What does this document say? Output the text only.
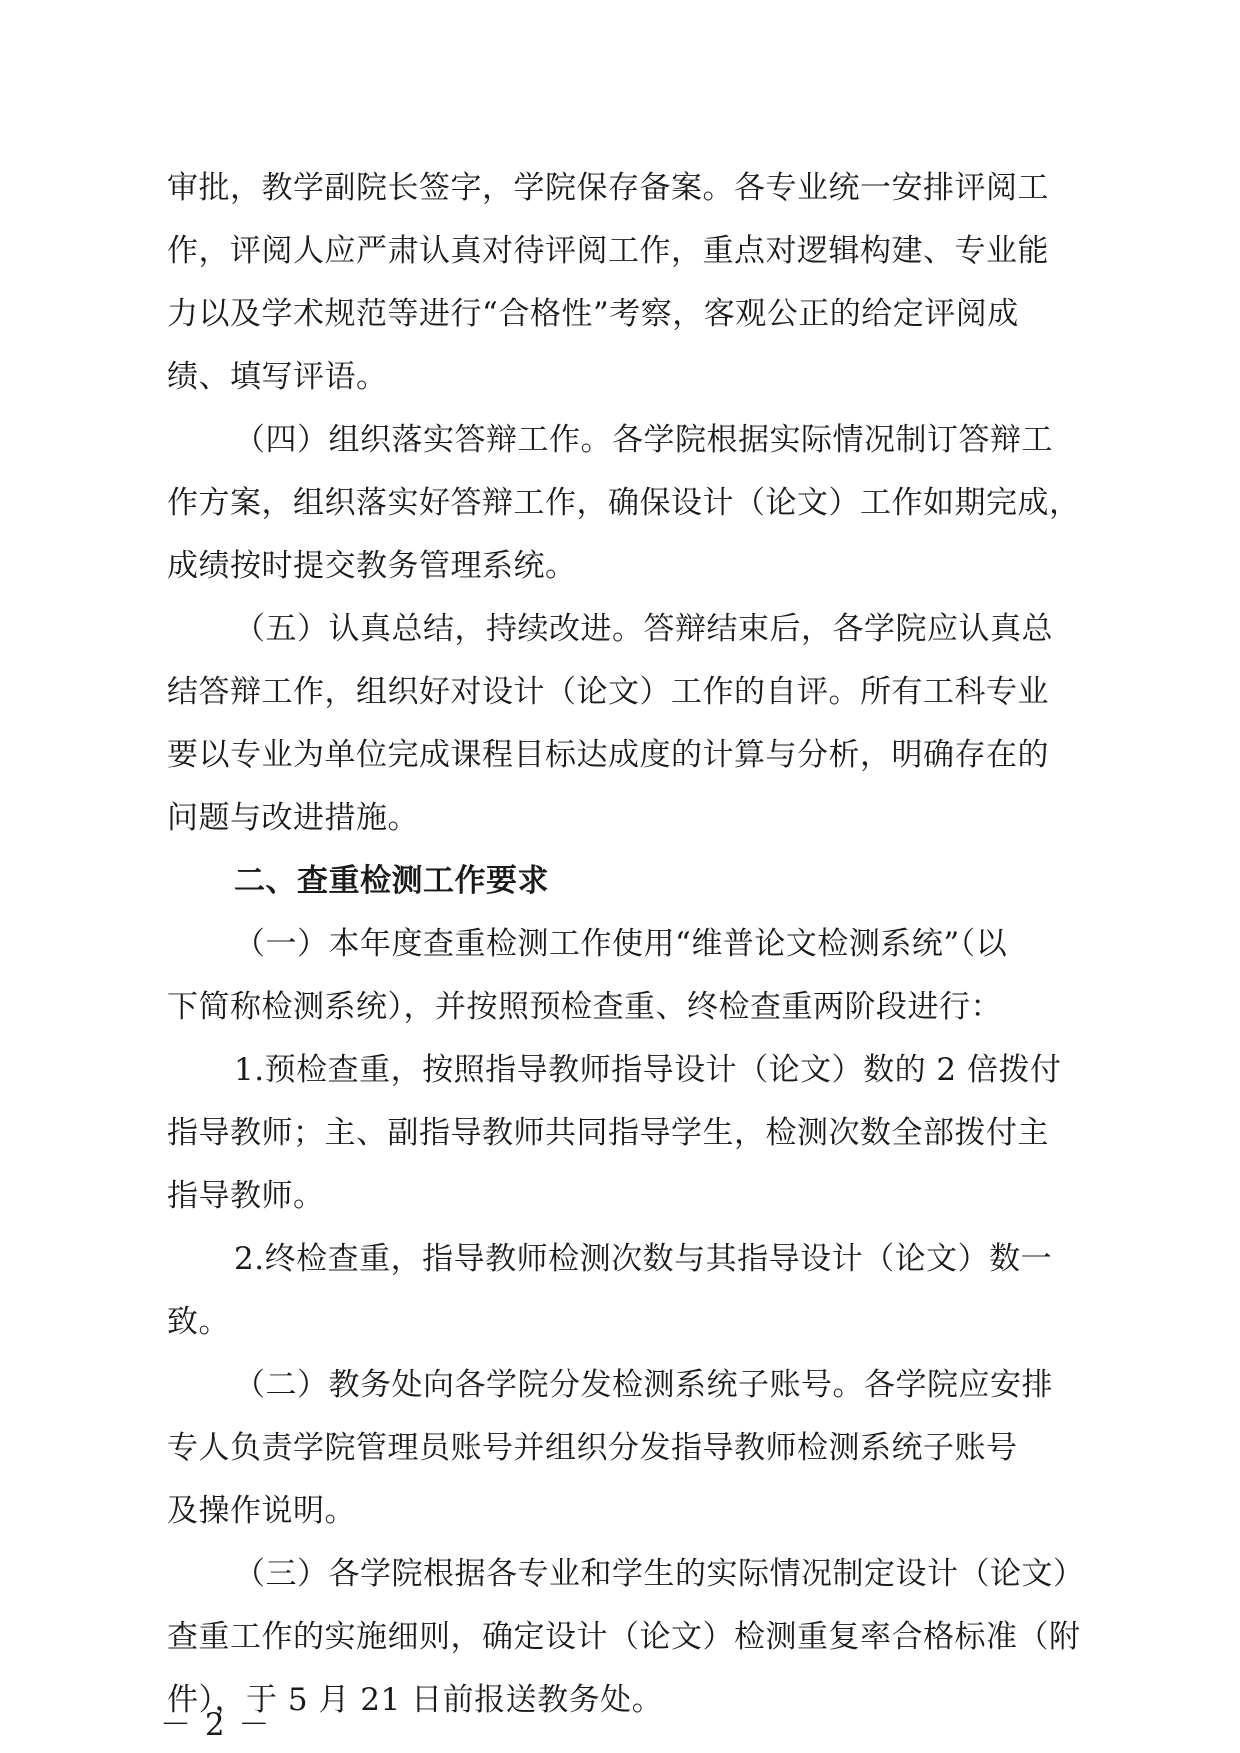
审批，教学副院长签字，学院保存备案。各专业统一安排评阅工

作，评阅人应严肃认真对待评阅工作，重点对逻辑构建、专业能

力以及学术规范等进行“合格性”考察，客观公正的给定评阅成

绩、填写评语。

（四）组织落实答辩工作。各学院根据实际情况制订答辩工

作方案，组织落实好答辩工作，确保设计（论文）工作如期完成，

成绩按时提交教务管理系统。

（五）认真总结，持续改进。答辩结束后，各学院应认真总

结答辩工作，组织好对设计（论文）工作的自评。所有工科专业

要以专业为单位完成课程目标达成度的计算与分析，明确存在的

问题与改进措施。

二、查重检测工作要求

（一）本年度查重检测工作使用“维普论文检测系统”（以

下简称检测系统），并按照预检查重、终检查重两阶段进行：

1.预检查重，按照指导教师指导设计（论文）数的 2 倍拨付

指导教师；主、副指导教师共同指导学生，检测次数全部拨付主

指导教师。

2.终检查重，指导教师检测次数与其指导设计（论文）数一

致。

（二）教务处向各学院分发检测系统子账号。各学院应安排

专人负责学院管理员账号并组织分发指导教师检测系统子账号

及操作说明。

（三）各学院根据各专业和学生的实际情况制定设计（论文）

查重工作的实施细则，确定设计（论文）检测重复率合格标准（附

件），于 5 月 21 日前报送教务处。

－ 2 －
